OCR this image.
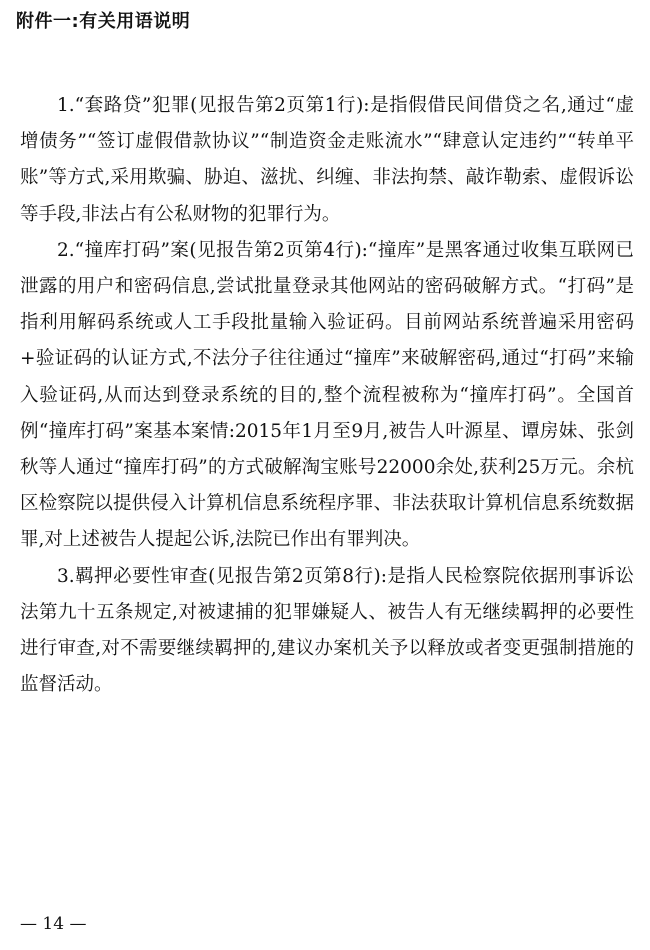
附件一:有关用语说明

1.“套路贷”犯罪(见报告第2页第1行):是指假借民间借贷之名,通过“虚增债务”“签订虚假借款协议”“制造资金走账流水”“肆意认定违约”“转单平账”等方式,采用欺骗、胁迫、滋扰、纠缠、非法拘禁、敲诈勒索、虚假诉讼等手段,非法占有公私财物的犯罪行为。

2.“撞库打码”案(见报告第2页第4行):“撞库”是黑客通过收集互联网已泄露的用户和密码信息,尝试批量登录其他网站的密码破解方式。“打码”是指利用解码系统或人工手段批量输入验证码。目前网站系统普遍采用密码+验证码的认证方式,不法分子往往通过“撞库”来破解密码,通过“打码”来输入验证码,从而达到登录系统的目的,整个流程被称为“撞库打码”。全国首例“撞库打码”案基本案情:2015年1月至9月,被告人叶源星、谭房妹、张剑秋等人通过“撞库打码”的方式破解淘宝账号22000余处,获利25万元。余杭区检察院以提供侵入计算机信息系统程序罪、非法获取计算机信息系统数据罪,对上述被告人提起公诉,法院已作出有罪判决。

3.羁押必要性审查(见报告第2页第8行):是指人民检察院依据刑事诉讼法第九十五条规定,对被逮捕的犯罪嫌疑人、被告人有无继续羁押的必要性进行审查,对不需要继续羁押的,建议办案机关予以释放或者变更强制措施的监督活动。

— 14 —
